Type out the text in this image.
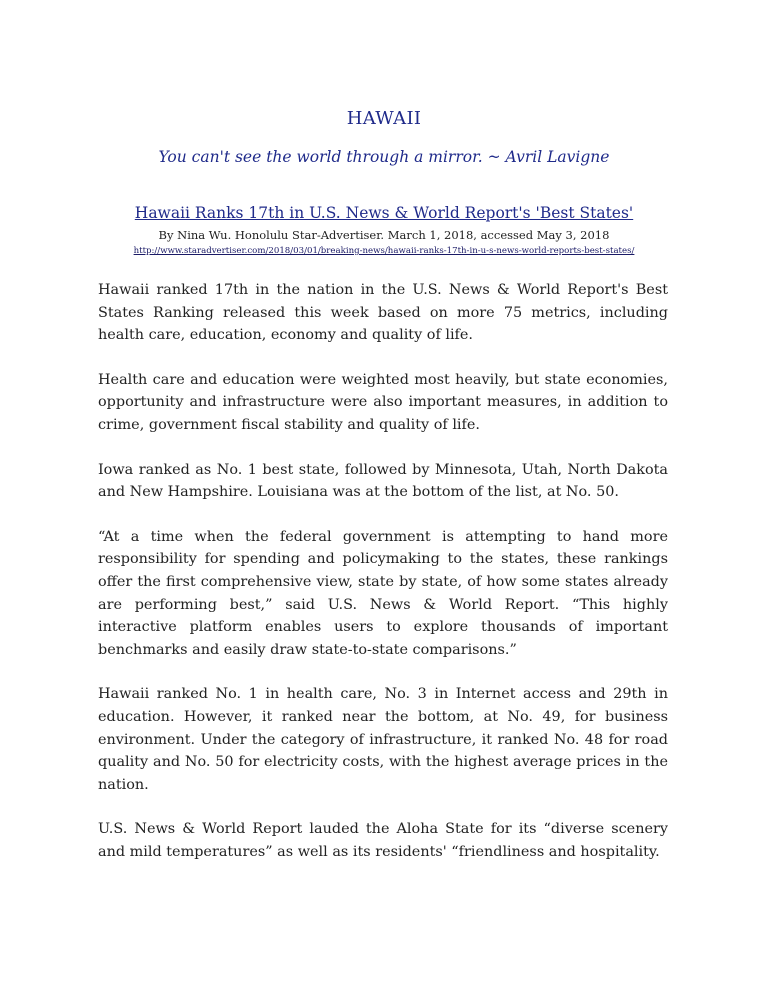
HAWAII
You can't see the world through a mirror. ~ Avril Lavigne
Hawaii Ranks 17th in U.S. News & World Report's 'Best States'
By Nina Wu. Honolulu Star-Advertiser. March 1, 2018, accessed May 3, 2018
http://www.staradvertiser.com/2018/03/01/breaking-news/hawaii-ranks-17th-in-u-s-news-world-reports-best-states/

Hawaii ranked 17th in the nation in the U.S. News & World Report's Best States Ranking released this week based on more 75 metrics, including health care, education, economy and quality of life.

Health care and education were weighted most heavily, but state economies, opportunity and infrastructure were also important measures, in addition to crime, government fiscal stability and quality of life.

Iowa ranked as No. 1 best state, followed by Minnesota, Utah, North Dakota and New Hampshire. Louisiana was at the bottom of the list, at No. 50.

“At a time when the federal government is attempting to hand more responsibility for spending and policymaking to the states, these rankings offer the first comprehensive view, state by state, of how some states already are performing best,” said U.S. News & World Report. “This highly interactive platform enables users to explore thousands of important benchmarks and easily draw state-to-state comparisons.”

Hawaii ranked No. 1 in health care, No. 3 in Internet access and 29th in education. However, it ranked near the bottom, at No. 49, for business environment. Under the category of infrastructure, it ranked No. 48 for road quality and No. 50 for electricity costs, with the highest average prices in the nation.

U.S. News & World Report lauded the Aloha State for its “diverse scenery and mild temperatures” as well as its residents' “friendliness and hospitality.
